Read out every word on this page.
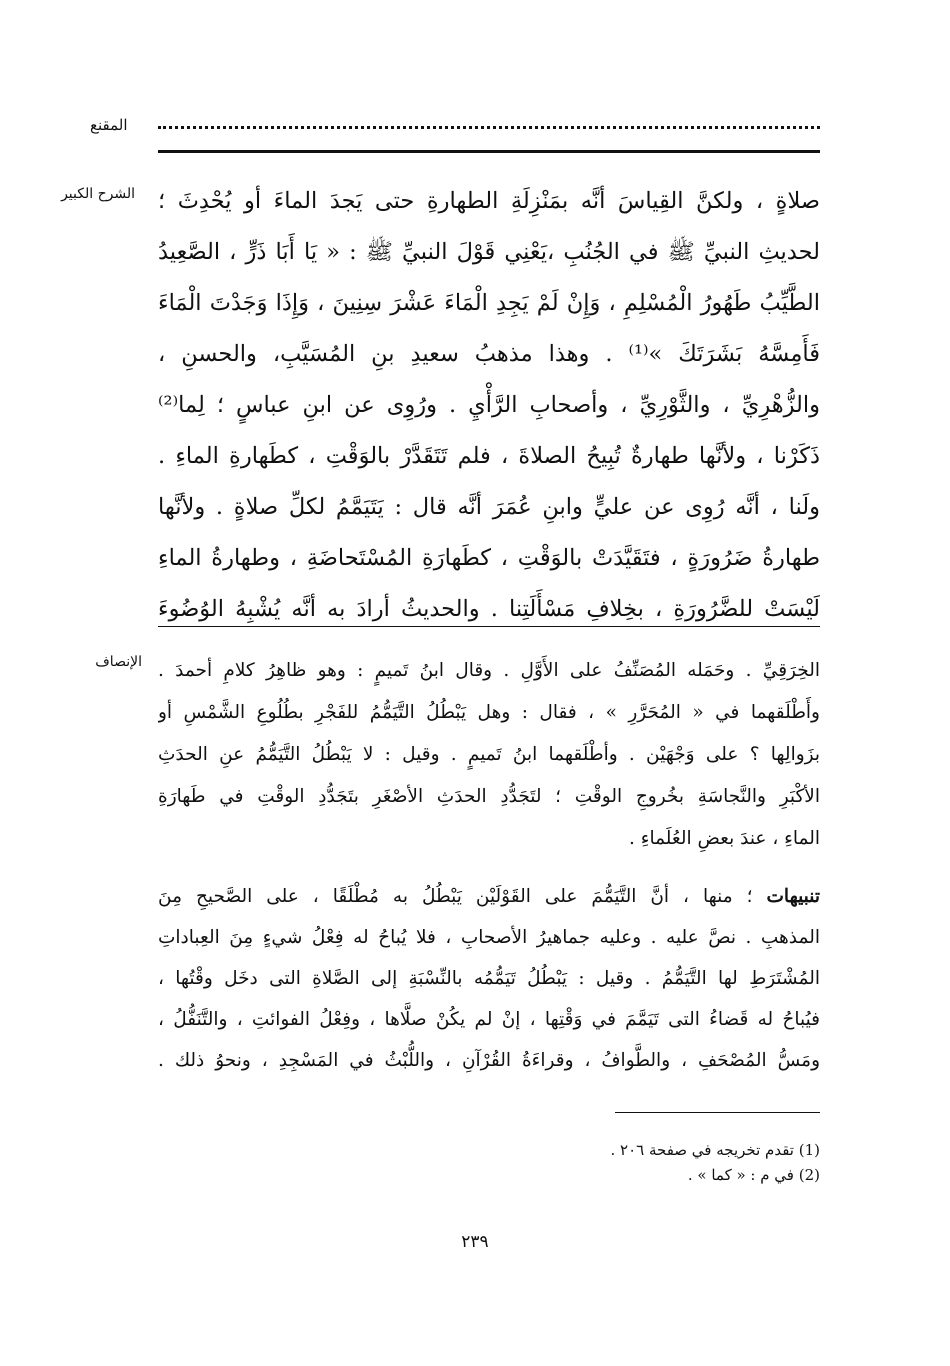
المقنع
الشرح الكبير صلاةٍ ، ولكنَّ القِياسَ أنَّه بمَنْزِلَةِ الطهارةِ حتى يَجدَ الماءَ أو يُحْدِثَ ؛
لحديثِ النبيِّ ﷺ في الجُنُبِ ،يَعْنِي قَوْلَ النبيِّ ﷺ : « يَا أَبَا ذَرٍّ ، الصَّعِيدُ
الطَّيِّبُ طَهُورُ الْمُسْلِمِ ، وَإِنْ لَمْ يَجِدِ الْمَاءَ عَشْرَ سِنِينَ ، وَإِذَا وَجَدْتَ الْمَاءَ
فَأَمِسَّهُ بَشَرَتَكَ »⁽¹⁾ . وهذا مذهبُ سعيدِ بنِ المُسَيَّبِ، والحسنِ ،
والزُّهْرِيِّ ، والثَّوْرِيِّ ، وأصحابِ الرَّأْيِ . ورُوِى عن ابنِ عباسٍ ؛ لِما⁽²⁾
ذَكَرْنا ، ولأنَّها طهارةٌ تُبِيحُ الصلاةَ ، فلم تَتَقَدَّرْ بالوَقْتِ ، كطَهارةِ الماءِ .
ولَنا ، أنَّه رُوِى عن عليٍّ وابنِ عُمَرَ أنَّه قال : يَتَيَمَّمُ لكلِّ صلاةٍ . ولأنَّها
طهارةُ ضَرُورَةٍ ، فتَقَيَّدَتْ بالوَقْتِ ، كطَهارَةِ المُسْتَحاضَةِ ، وطهارةُ الماءِ
لَيْسَتْ للضَّرُورَةِ ، بخِلافِ مَسْأَلَتِنا . والحديثُ أرادَ به أنَّه يُشْبِهُ الوُضُوءَ
الإنصاف الخِرَقِيِّ . وحَمَله المُصَنِّفُ على الأَوَّلِ . وقال ابنُ تَميمٍ : وهو ظاهِرُ كلامِ أحمدَ .
وأَطْلَقهما في « المُحَرَّرِ » ، فقال : وهل يَبْطُلُ التَّيَمُّمُ للفَجْرِ بطُلُوعِ الشَّمْسِ أو
بزَوالِها ؟ على وَجْهَيْن . وأطْلَقهما ابنُ تَميمٍ . وقيل : لا يَبْطُلُ التَّيَمُّمُ عنِ الحدَثِ
الأكْبَرِ والنَّجاسَةِ بخُروجِ الوقْتِ ؛ لتَجَدُّدِ الحدَثِ الأصْغَرِ بتَجَدُّدِ الوقْتِ في طَهارَةِ
الماءِ ، عندَ بعضِ العُلَماءِ .
تنبيهات ؛ منها ، أنَّ التَّيَمُّمَ على القَوْلَيْن يَبْطُلُ به مُطْلَقًا ، على الصَّحيحِ مِنَ
المذهبِ . نصَّ عليه . وعليه جماهيرُ الأصحابِ ، فلا يُباحُ له فِعْلُ شيءٍ مِنَ العِباداتِ
المُشْتَرَطِ لها التَّيَمُّمُ . وقيل : يَبْطُلُ تَيَمُّمُه بالنِّسْبَةِ إلى الصَّلاةِ التى دخَل وقْتُها ،
فيُباحُ له قَضاءُ التى تَيَمَّمَ في وَقْتِها ، إنْ لم يكُنْ صلَّاها ، وفِعْلُ الفوائتِ ، والتَّنَفُّلُ ،
ومَسُّ المُصْحَفِ ، والطَّوافُ ، وقراءَةُ القُرْآنِ ، واللُّبْثُ في المَسْجِدِ ، ونحوُ ذلك .
(1) تقدم تخريجه في صفحة ٢٠٦ .
(2) في م : « كما » .
٢٣٩
